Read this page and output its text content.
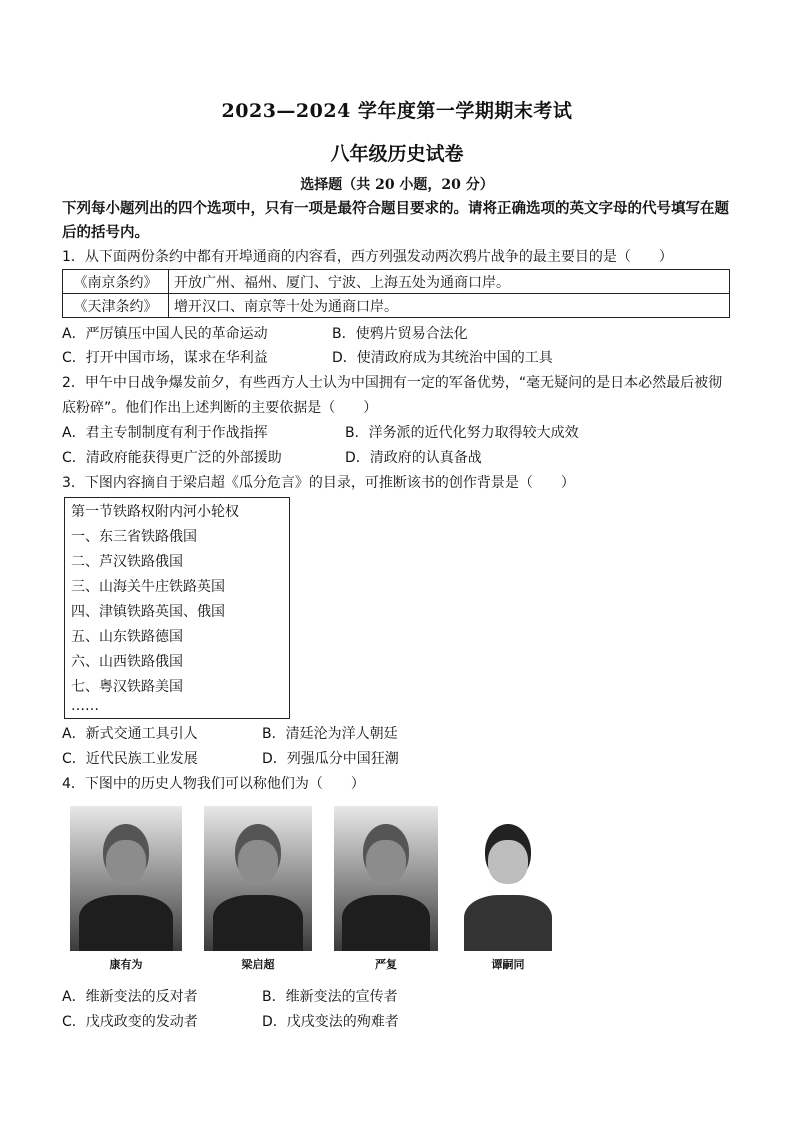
2023—2024 学年度第一学期期末考试
八年级历史试卷
选择题（共 20 小题，20 分）
下列每小题列出的四个选项中，只有一项是最符合题目要求的。请将正确选项的英文字母的代号填写在题后的括号内。
1．从下面两份条约中都有开埠通商的内容看，西方列强发动两次鸦片战争的最主要目的是（　　）
《南京条约》	开放广州、福州、厦门、宁波、上海五处为通商口岸。
《天津条约》	增开汉口、南京等十处为通商口岸。
A．严厉镇压中国人民的革命运动	B．使鸦片贸易合法化
C．打开中国市场，谋求在华利益	D．使清政府成为其统治中国的工具
2．甲午中日战争爆发前夕，有些西方人士认为中国拥有一定的军备优势，“毫无疑问的是日本必然最后被彻
底粉碎”。他们作出上述判断的主要依据是（　　）
A．君主专制制度有利于作战指挥	B．洋务派的近代化努力取得较大成效
C．清政府能获得更广泛的外部援助	D．清政府的认真备战
3．下图内容摘自于梁启超《瓜分危言》的目录，可推断该书的创作背景是（　　）
第一节铁路权附内河小轮权
一、东三省铁路俄国
二、芦汉铁路俄国
三、山海关牛庄铁路英国
四、津镇铁路英国、俄国
五、山东铁路德国
六、山西铁路俄国
七、粤汉铁路美国
……
A．新式交通工具引人	B．清廷沦为洋人朝廷
C．近代民族工业发展	D．列强瓜分中国狂潮
4．下图中的历史人物我们可以称他们为（　　）
康有为	梁启超	严复	谭嗣同
A．维新变法的反对者	B．维新变法的宣传者
C．戊戌政变的发动者	D．戊戌变法的殉难者
